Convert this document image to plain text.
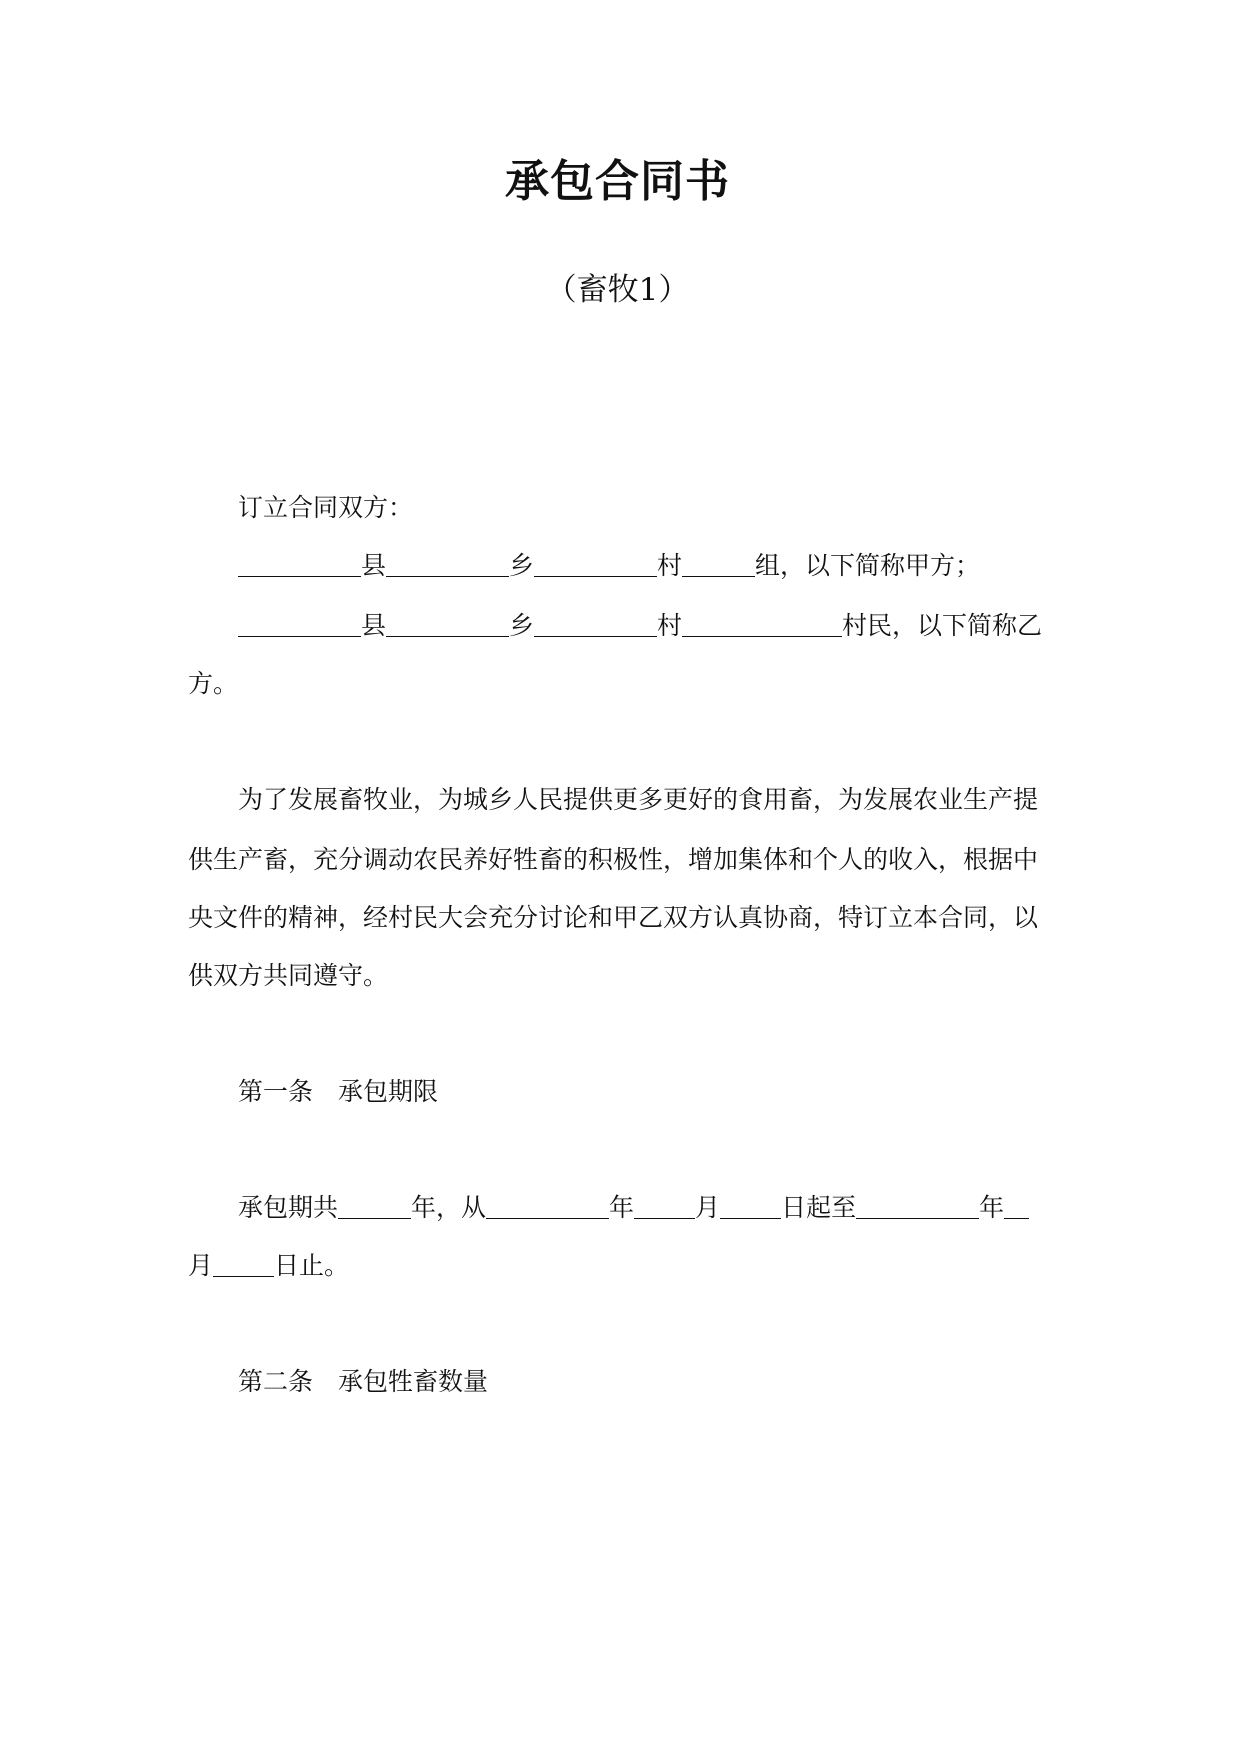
承包合同书
（畜牧1）
订立合同双方：
县	乡	村	组，以下简称甲方；
县	乡	村	村民，以下简称乙
方。
为了发展畜牧业，为城乡人民提供更多更好的食用畜，为发展农业生产提
供生产畜，充分调动农民养好牲畜的积极性，增加集体和个人的收入，根据中
央文件的精神，经村民大会充分讨论和甲乙双方认真协商，特订立本合同，以
供双方共同遵守。
第一条　承包期限
承包期共	年，从	年 月 日起至	年
月 日止。
第二条　承包牲畜数量
